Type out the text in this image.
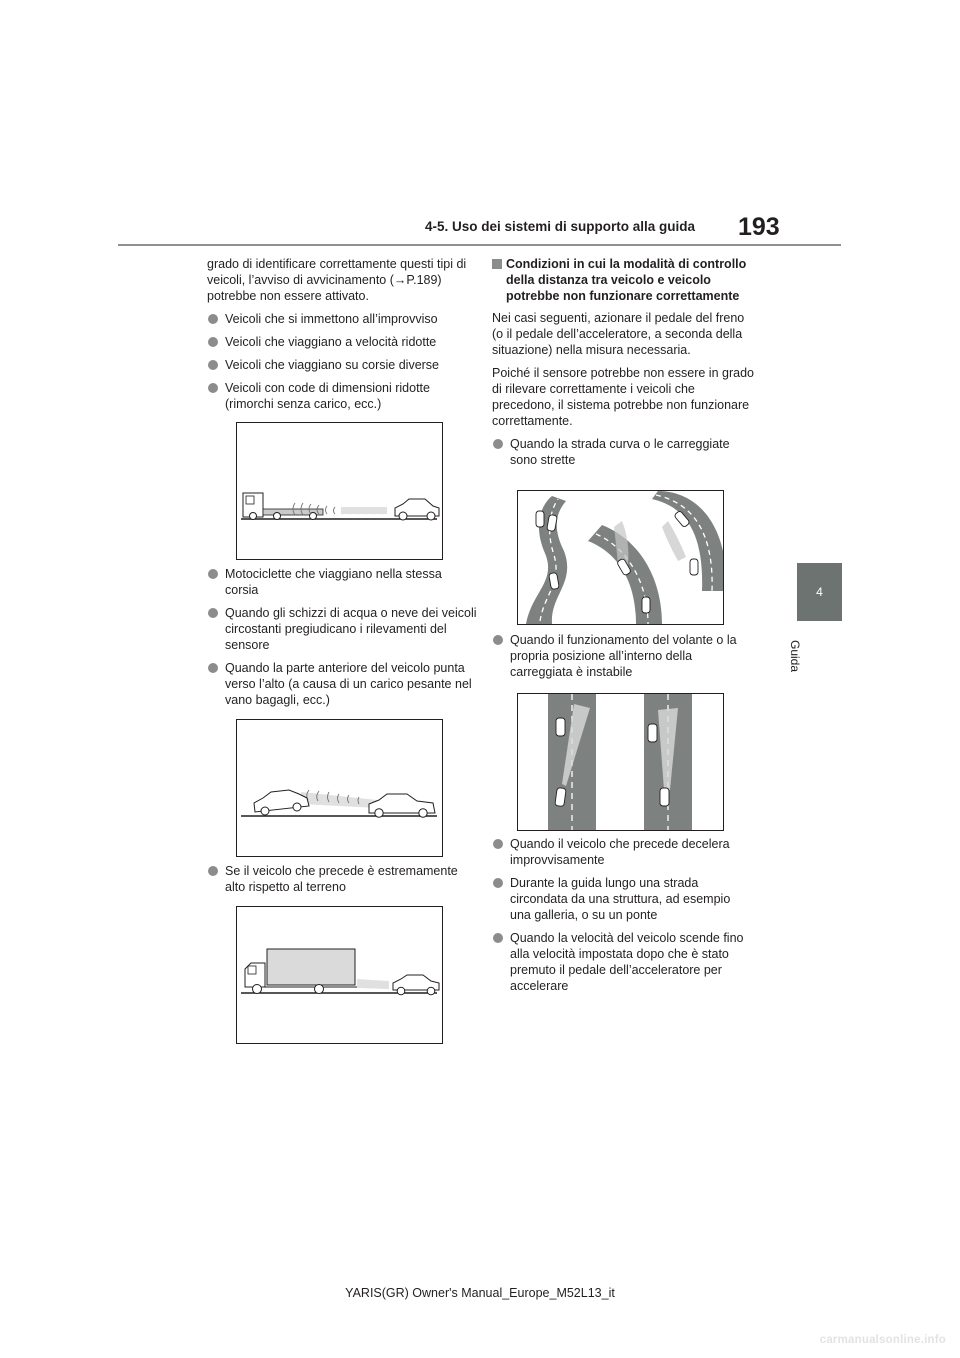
4-5. Uso dei sistemi di supporto alla guida 193
4
Guida

grado di identificare correttamente questi tipi di veicoli, l’avviso di avvicinamento (→P.189) potrebbe non essere attivato.

Veicoli che si immettono all’improvviso
Veicoli che viaggiano a velocità ridotte
Veicoli che viaggiano su corsie diverse
Veicoli con code di dimensioni ridotte (rimorchi senza carico, ecc.)
Motociclette che viaggiano nella stessa corsia
Quando gli schizzi di acqua o neve dei veicoli circostanti pregiudicano i rilevamenti del sensore
Quando la parte anteriore del veicolo punta verso l’alto (a causa di un carico pesante nel vano bagagli, ecc.)
Se il veicolo che precede è estremamente alto rispetto al terreno
Condizioni in cui la modalità di controllo della distanza tra veicolo e veicolo potrebbe non funzionare correttamente

Nei casi seguenti, azionare il pedale del freno (o il pedale dell’acceleratore, a seconda della situazione) nella misura necessaria.

Poiché il sensore potrebbe non essere in grado di rilevare correttamente i veicoli che precedono, il sistema potrebbe non funzionare correttamente.

Quando la strada curva o le carreggiate sono strette
Quando il funzionamento del volante o la propria posizione all’interno della carreggiata è instabile
Quando il veicolo che precede decelera improvvisamente
Durante la guida lungo una strada circondata da una struttura, ad esempio una galleria, o su un ponte
Quando la velocità del veicolo scende fino alla velocità impostata dopo che è stato premuto il pedale dell’acceleratore per accelerare
YARIS(GR) Owner's Manual_Europe_M52L13_it
carmanualsonline.info
